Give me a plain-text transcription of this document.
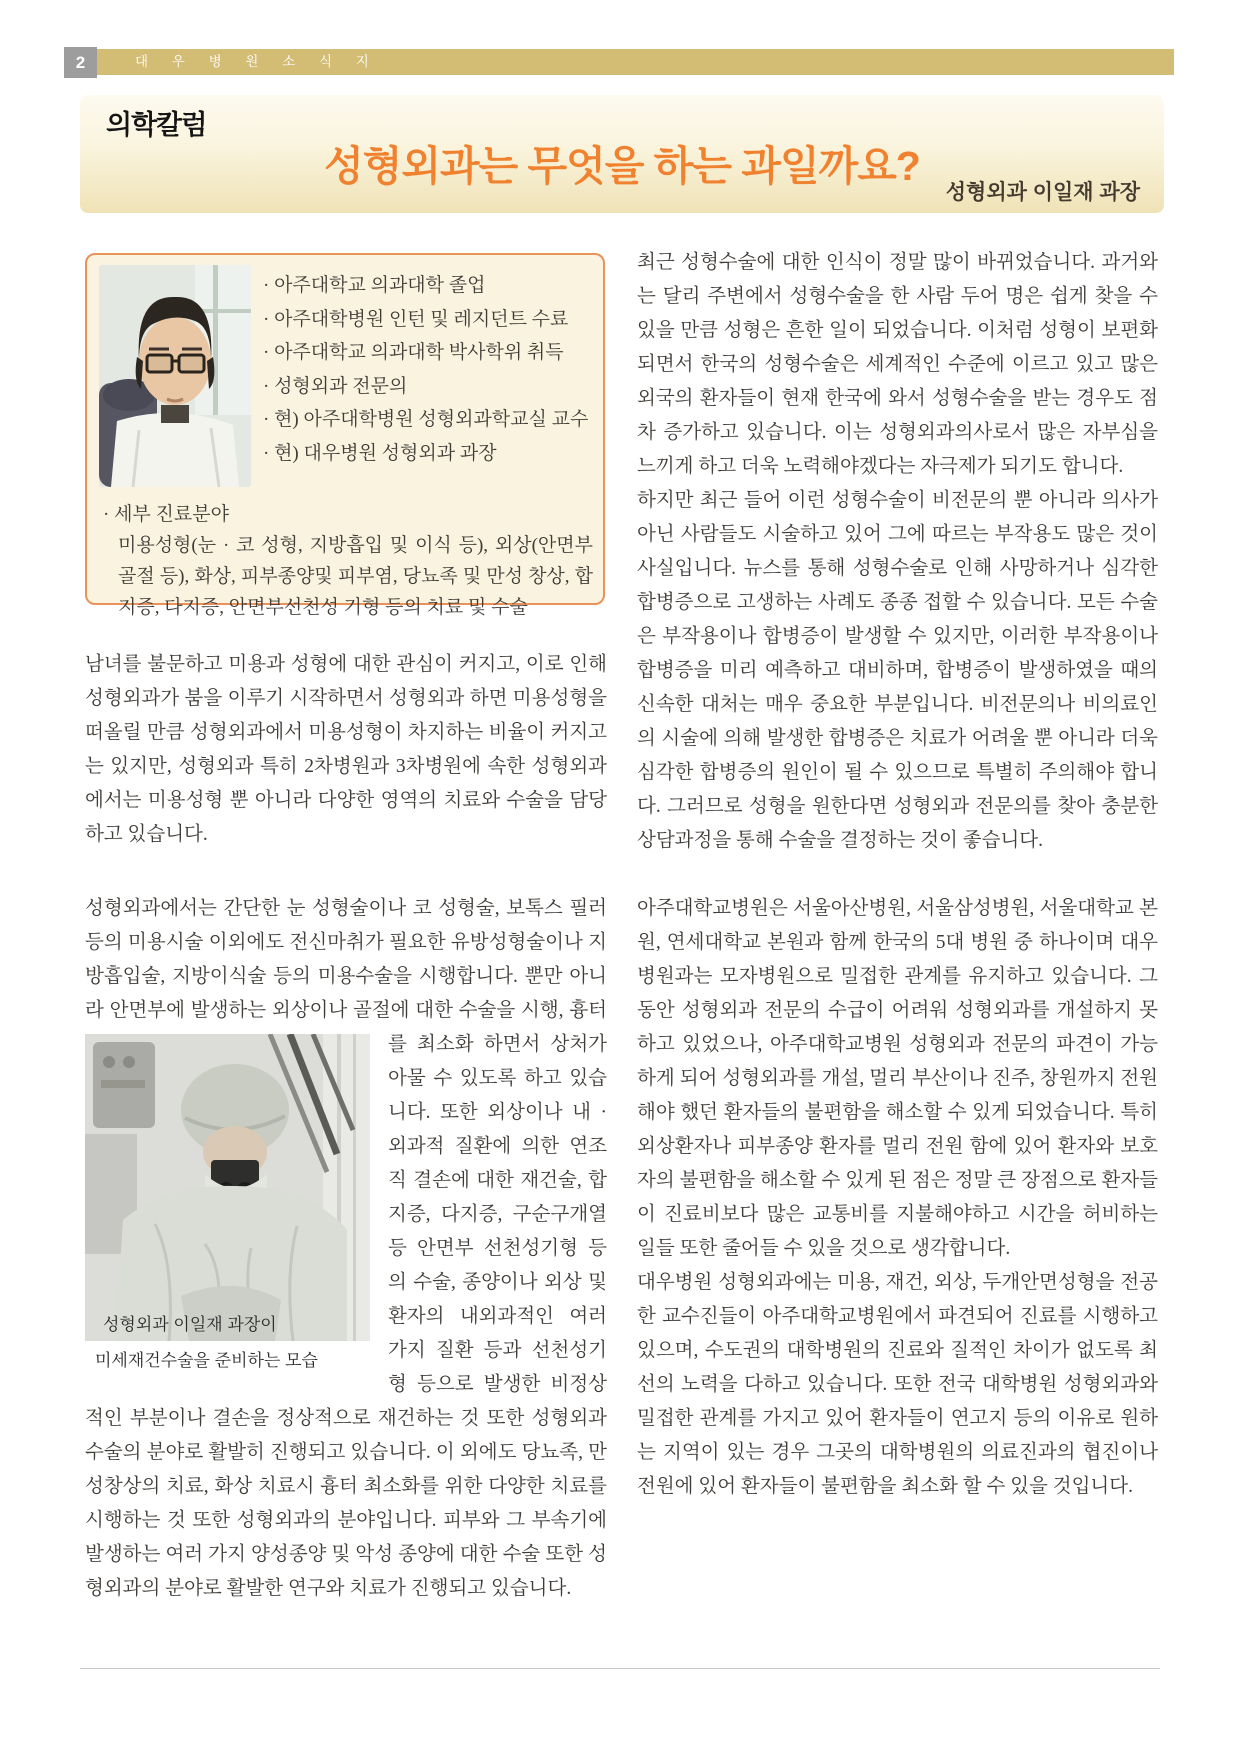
2	대 우 병 원 소 식 지
의학칼럼
성형외과는 무엇을 하는 과일까요?
성형외과 이일재 과장
· 아주대학교 의과대학 졸업
· 아주대학병원 인턴 및 레지던트 수료
· 아주대학교 의과대학 박사학위 취득
· 성형외과 전문의
· 현) 아주대학병원 성형외과학교실 교수
· 현) 대우병원 성형외과 과장
· 세부 진료분야
미용성형(눈 · 코 성형, 지방흡입 및 이식 등), 외상(안면부 골절 등), 화상, 피부종양및 피부염, 당뇨족 및 만성 창상, 합지증, 다지증, 안면부선천성 기형 등의 치료 및 수술

남녀를 불문하고 미용과 성형에 대한 관심이 커지고, 이로 인해 성형외과가 붐을 이루기 시작하면서 성형외과 하면 미용성형을 떠올릴 만큼 성형외과에서 미용성형이 차지하는 비율이 커지고는 있지만, 성형외과 특히 2차병원과 3차병원에 속한 성형외과에서는 미용성형 뿐 아니라 다양한 영역의 치료와 수술을 담당하고 있습니다.

성형외과에서는 간단한 눈 성형술이나 코 성형술, 보톡스 필러 등의 미용시술 이외에도 전신마취가 필요한 유방성형술이나 지방흡입술, 지방이식술 등의 미용수술을 시행합니다. 뿐만 아니라 안면부에 발생하는 외상이나 골절에 대한 수술을
성형외과 이일재 과장이
미세재건수술을 준비하는 모습
시행, 흉터를 최소화 하면서 상처가 아물 수 있도록 하고 있습니다. 또한 외상이나 내 · 외과적 질환에 의한 연조직 결손에 대한 재건술, 합지증, 다지증, 구순구개열 등 안면부 선천성기형 등의 수술, 종양이나 외상 및 환자의 내외과적인 여러 가지 질환 등과 선천성기형 등으로 발생한 비정상적인 부분이나 결손을 정상적으로 재건하는 것 또한 성형외과 수술의 분야로 활발히 진행되고 있습니다. 이 외에도 당뇨족, 만성창상의 치료, 화상 치료시 흉터 최소화를 위한 다양한 치료를 시행하는 것 또한 성형외과의 분야입니다. 피부와 그 부속기에 발생하는 여러 가지 양성종양 및 악성 종양에 대한 수술 또한 성형외과의 분야로 활발한 연구와 치료가 진행되고 있습니다.

최근 성형수술에 대한 인식이 정말 많이 바뀌었습니다. 과거와는 달리 주변에서 성형수술을 한 사람 두어 명은 쉽게 찾을 수 있을 만큼 성형은 흔한 일이 되었습니다. 이처럼 성형이 보편화 되면서 한국의 성형수술은 세계적인 수준에 이르고 있고 많은 외국의 환자들이 현재 한국에 와서 성형수술을 받는 경우도 점차 증가하고 있습니다. 이는 성형외과의사로서 많은 자부심을 느끼게 하고 더욱 노력해야겠다는 자극제가 되기도 합니다.

하지만 최근 들어 이런 성형수술이 비전문의 뿐 아니라 의사가 아닌 사람들도 시술하고 있어 그에 따르는 부작용도 많은 것이 사실입니다. 뉴스를 통해 성형수술로 인해 사망하거나 심각한 합병증으로 고생하는 사례도 종종 접할 수 있습니다. 모든 수술은 부작용이나 합병증이 발생할 수 있지만, 이러한 부작용이나 합병증을 미리 예측하고 대비하며, 합병증이 발생하였을 때의 신속한 대처는 매우 중요한 부분입니다. 비전문의나 비의료인의 시술에 의해 발생한 합병증은 치료가 어려울 뿐 아니라 더욱 심각한 합병증의 원인이 될 수 있으므로 특별히 주의해야 합니다. 그러므로 성형을 원한다면 성형외과 전문의를 찾아 충분한 상담과정을 통해 수술을 결정하는 것이 좋습니다.

아주대학교병원은 서울아산병원, 서울삼성병원, 서울대학교 본원, 연세대학교 본원과 함께 한국의 5대 병원 중 하나이며 대우병원과는 모자병원으로 밀접한 관계를 유지하고 있습니다. 그동안 성형외과 전문의 수급이 어려워 성형외과를 개설하지 못하고 있었으나, 아주대학교병원 성형외과 전문의 파견이 가능하게 되어 성형외과를 개설, 멀리 부산이나 진주, 창원까지 전원 해야 했던 환자들의 불편함을 해소할 수 있게 되었습니다. 특히 외상환자나 피부종양 환자를 멀리 전원 함에 있어 환자와 보호자의 불편함을 해소할 수 있게 된 점은 정말 큰 장점으로 환자들이 진료비보다 많은 교통비를 지불해야하고 시간을 허비하는 일들 또한 줄어들 수 있을 것으로 생각합니다.

대우병원 성형외과에는 미용, 재건, 외상, 두개안면성형을 전공한 교수진들이 아주대학교병원에서 파견되어 진료를 시행하고 있으며, 수도권의 대학병원의 진료와 질적인 차이가 없도록 최선의 노력을 다하고 있습니다. 또한 전국 대학병원 성형외과와 밀접한 관계를 가지고 있어 환자들이 연고지 등의 이유로 원하는 지역이 있는 경우 그곳의 대학병원의 의료진과의 협진이나 전원에 있어 환자들이 불편함을 최소화 할 수 있을 것입니다.
